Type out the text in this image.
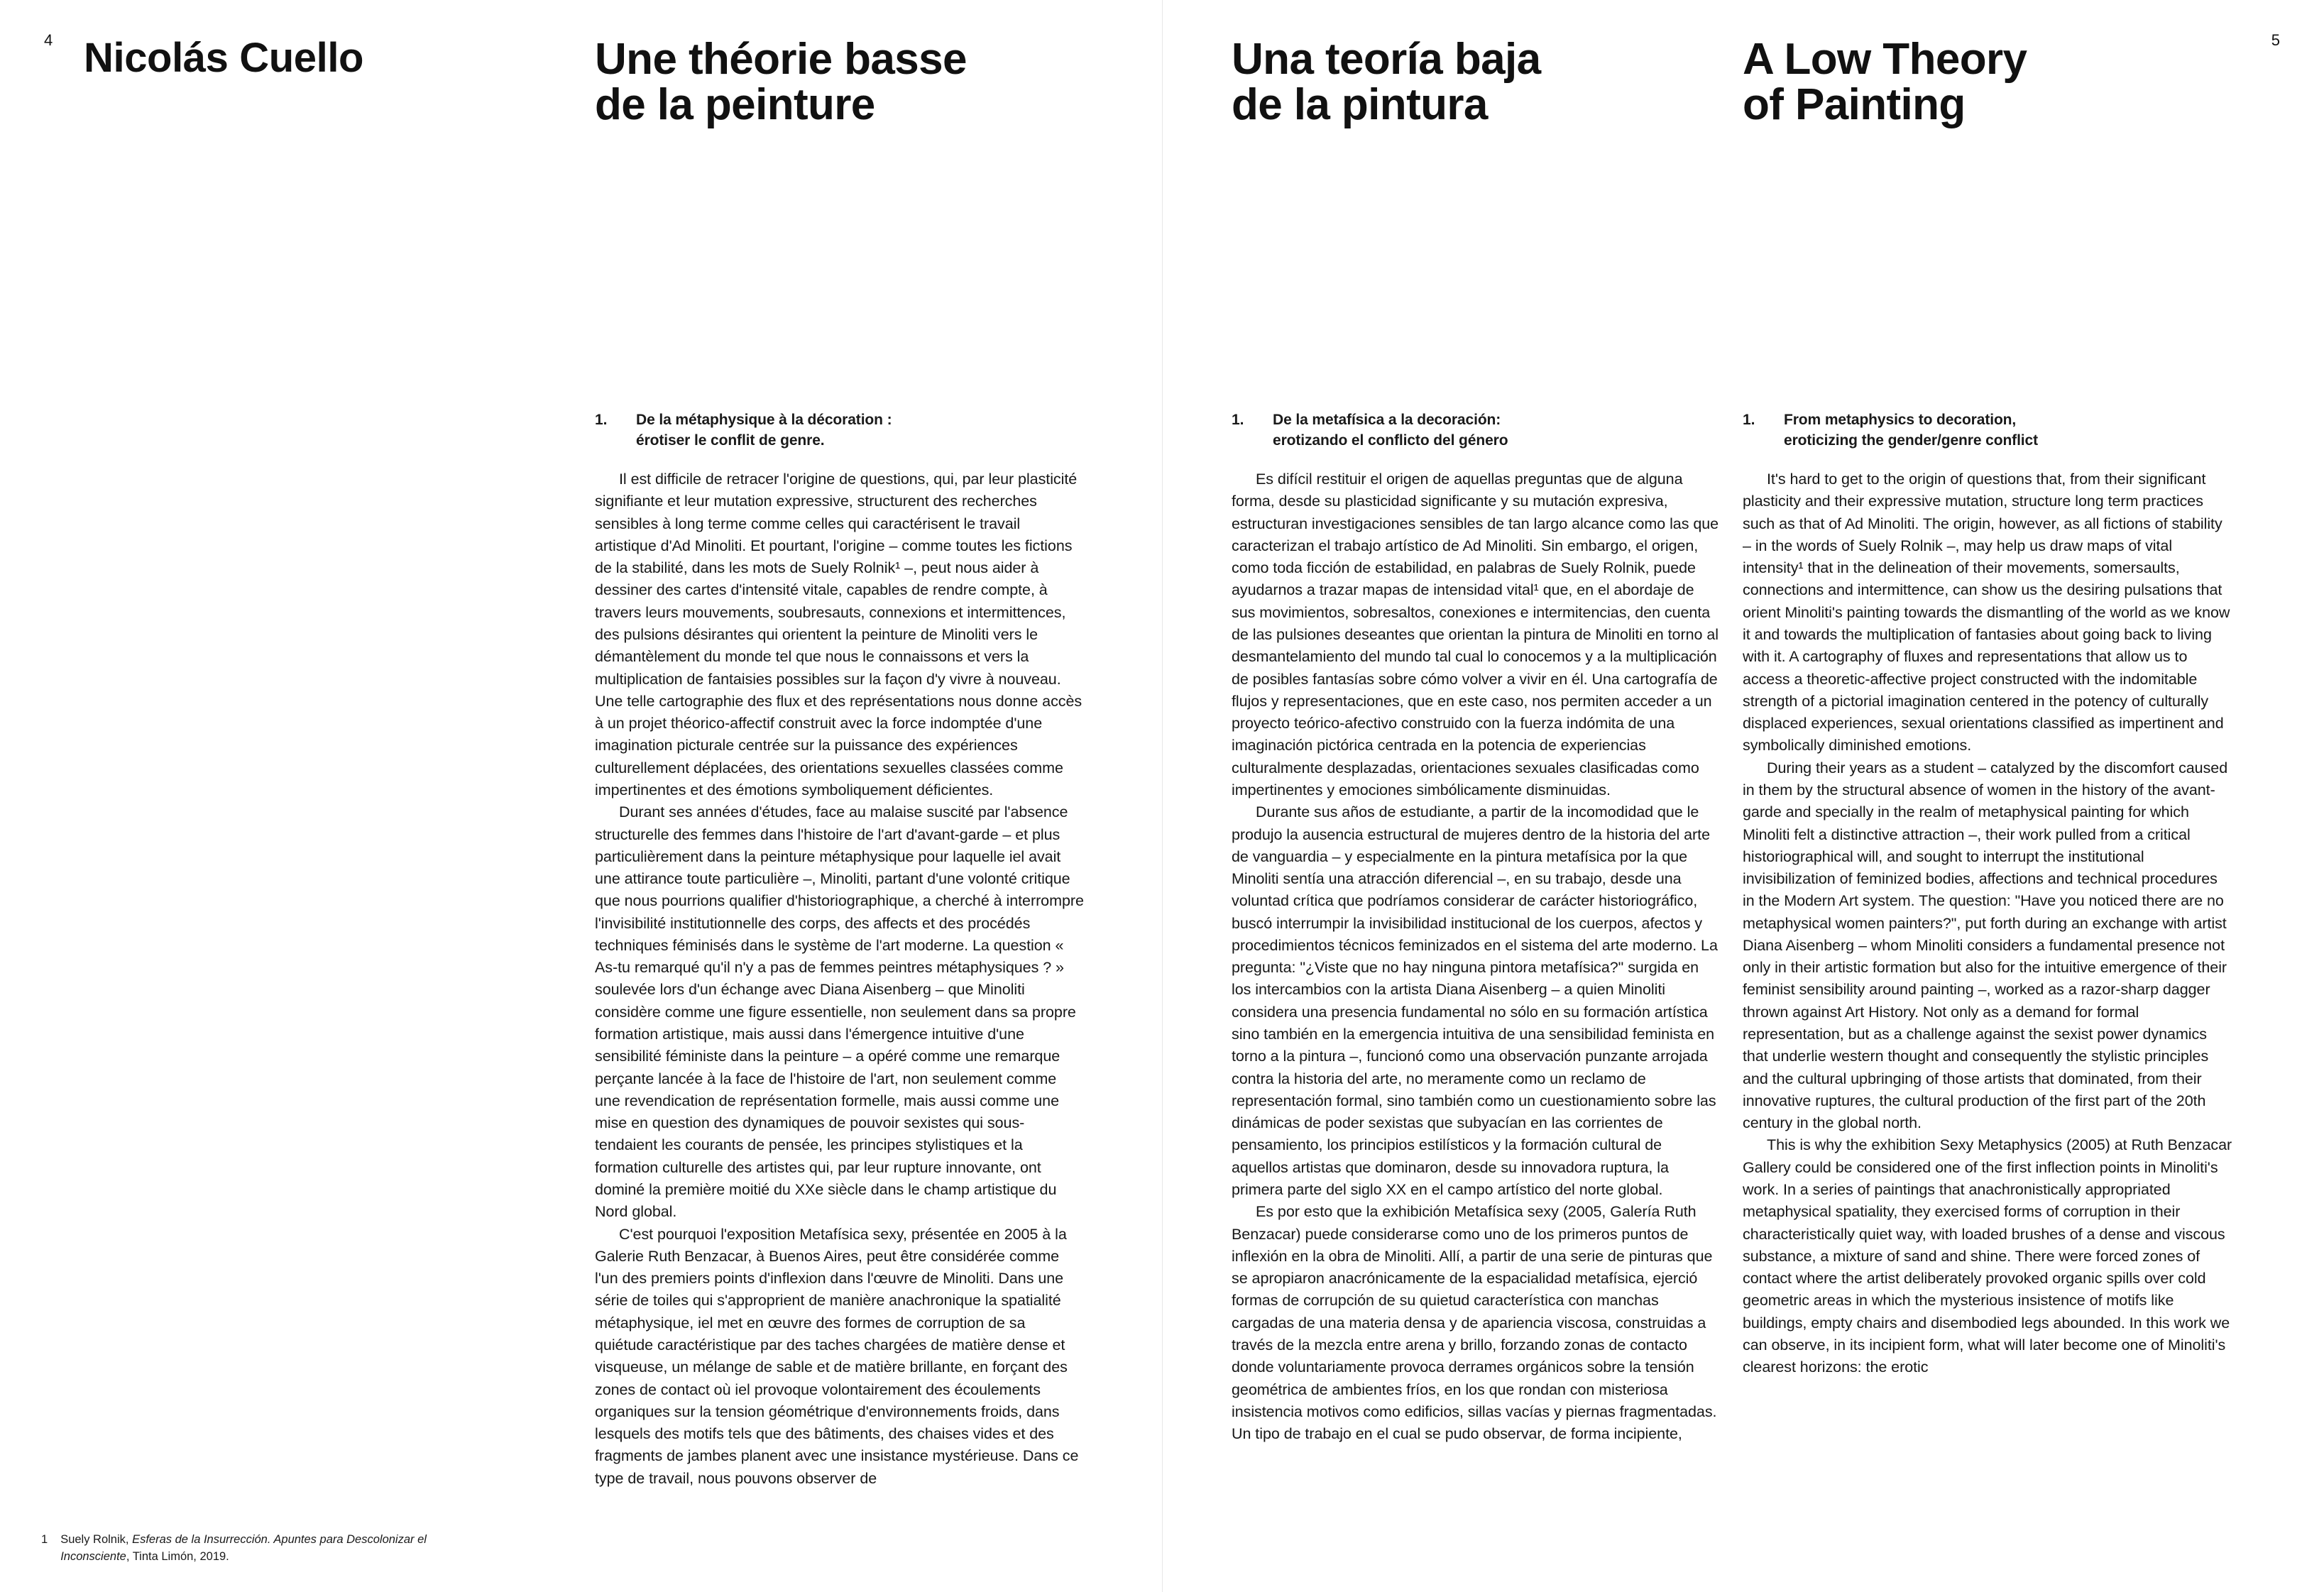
4 Nicolás Cuello	Une théorie basse
de la peinture
1.	De la métaphysique à la décoration :
érotiser le conflit de genre.

Il est difficile de retracer l'origine de questions, qui, par leur plasticité signifiante et leur mutation expressive, structurent des recherches sensibles à long terme comme celles qui caractérisent le travail artistique d'Ad Minoliti. Et pourtant, l'origine – comme toutes les fictions de la stabilité, dans les mots de Suely Rolnik¹ –, peut nous aider à dessiner des cartes d'intensité vitale, capables de rendre compte, à travers leurs mouvements, soubresauts, connexions et intermittences, des pulsions désirantes qui orientent la peinture de Minoliti vers le démantèlement du monde tel que nous le connaissons et vers la multiplication de fantaisies possibles sur la façon d'y vivre à nouveau. Une telle cartographie des flux et des représentations nous donne accès à un projet théorico-affectif construit avec la force indomptée d'une imagination picturale centrée sur la puissance des expériences culturellement déplacées, des orientations sexuelles classées comme impertinentes et des émotions symboliquement déficientes.

Durant ses années d'études, face au malaise suscité par l'absence structurelle des femmes dans l'histoire de l'art d'avant-garde – et plus particulièrement dans la peinture métaphysique pour laquelle iel avait une attirance toute particulière –, Minoliti, partant d'une volonté critique que nous pourrions qualifier d'historiographique, a cherché à interrompre l'invisibilité institutionnelle des corps, des affects et des procédés techniques féminisés dans le système de l'art moderne. La question « As-tu remarqué qu'il n'y a pas de femmes peintres métaphysiques ? » soulevée lors d'un échange avec Diana Aisenberg – que Minoliti considère comme une figure essentielle, non seulement dans sa propre formation artistique, mais aussi dans l'émergence intuitive d'une sensibilité féministe dans la peinture – a opéré comme une remarque perçante lancée à la face de l'histoire de l'art, non seulement comme une revendication de représentation formelle, mais aussi comme une mise en question des dynamiques de pouvoir sexistes qui sous-tendaient les courants de pensée, les principes stylistiques et la formation culturelle des artistes qui, par leur rupture innovante, ont dominé la première moitié du XXe siècle dans le champ artistique du Nord global.

C'est pourquoi l'exposition Metafísica sexy, présentée en 2005 à la Galerie Ruth Benzacar, à Buenos Aires, peut être considérée comme l'un des premiers points d'inflexion dans l'œuvre de Minoliti. Dans une série de toiles qui s'approprient de manière anachronique la spatialité métaphysique, iel met en œuvre des formes de corruption de sa quiétude caractéristique par des taches chargées de matière dense et visqueuse, un mélange de sable et de matière brillante, en forçant des zones de contact où iel provoque volontairement des écoulements organiques sur la tension géométrique d'environnements froids, dans lesquels des motifs tels que des bâtiments, des chaises vides et des fragments de jambes planent avec une insistance mystérieuse. Dans ce type de travail, nous pouvons observer de

1 Suely Rolnik, Esferas de la Insurrección. Apuntes para Descolonizar el Inconsciente, Tinta Limón, 2019.
5
Una teoría baja
de la pintura
1.	De la metafísica a la decoración:
erotizando el conflicto del género

Es difícil restituir el origen de aquellas preguntas que de alguna forma, desde su plasticidad significante y su mutación expresiva, estructuran investigaciones sensibles de tan largo alcance como las que caracterizan el trabajo artístico de Ad Minoliti. Sin embargo, el origen, como toda ficción de estabilidad, en palabras de Suely Rolnik, puede ayudarnos a trazar mapas de intensidad vital¹ que, en el abordaje de sus movimientos, sobresaltos, conexiones e intermitencias, den cuenta de las pulsiones deseantes que orientan la pintura de Minoliti en torno al desmantelamiento del mundo tal cual lo conocemos y a la multiplicación de posibles fantasías sobre cómo volver a vivir en él. Una cartografía de flujos y representaciones, que en este caso, nos permiten acceder a un proyecto teórico-afectivo construido con la fuerza indómita de una imaginación pictórica centrada en la potencia de experiencias culturalmente desplazadas, orientaciones sexuales clasificadas como impertinentes y emociones simbólicamente disminuidas.

Durante sus años de estudiante, a partir de la incomodidad que le produjo la ausencia estructural de mujeres dentro de la historia del arte de vanguardia – y especialmente en la pintura metafísica por la que Minoliti sentía una atracción diferencial –, en su trabajo, desde una voluntad crítica que podríamos considerar de carácter historiográfico, buscó interrumpir la invisibilidad institucional de los cuerpos, afectos y procedimientos técnicos feminizados en el sistema del arte moderno. La pregunta: "¿Viste que no hay ninguna pintora metafísica?" surgida en los intercambios con la artista Diana Aisenberg – a quien Minoliti considera una presencia fundamental no sólo en su formación artística sino también en la emergencia intuitiva de una sensibilidad feminista en torno a la pintura –, funcionó como una observación punzante arrojada contra la historia del arte, no meramente como un reclamo de representación formal, sino también como un cuestionamiento sobre las dinámicas de poder sexistas que subyacían en las corrientes de pensamiento, los principios estilísticos y la formación cultural de aquellos artistas que dominaron, desde su innovadora ruptura, la primera parte del siglo XX en el campo artístico del norte global.

Es por esto que la exhibición Metafísica sexy (2005, Galería Ruth Benzacar) puede considerarse como uno de los primeros puntos de inflexión en la obra de Minoliti. Allí, a partir de una serie de pinturas que se apropiaron anacrónicamente de la espacialidad metafísica, ejerció formas de corrupción de su quietud característica con manchas cargadas de una materia densa y de apariencia viscosa, construidas a través de la mezcla entre arena y brillo, forzando zonas de contacto donde voluntariamente provoca derrames orgánicos sobre la tensión geométrica de ambientes fríos, en los que rondan con misteriosa insistencia motivos como edificios, sillas vacías y piernas fragmentadas. Un tipo de trabajo en el cual se pudo observar, de forma incipiente,

A Low Theory
of Painting
1.	From metaphysics to decoration,
eroticizing the gender/genre conflict

It's hard to get to the origin of questions that, from their significant plasticity and their expressive mutation, structure long term practices such as that of Ad Minoliti. The origin, however, as all fictions of stability – in the words of Suely Rolnik –, may help us draw maps of vital intensity¹ that in the delineation of their movements, somersaults, connections and intermittence, can show us the desiring pulsations that orient Minoliti's painting towards the dismantling of the world as we know it and towards the multiplication of fantasies about going back to living with it. A cartography of fluxes and representations that allow us to access a theoretic-affective project constructed with the indomitable strength of a pictorial imagination centered in the potency of culturally displaced experiences, sexual orientations classified as impertinent and symbolically diminished emotions.

During their years as a student – catalyzed by the discomfort caused in them by the structural absence of women in the history of the avant-garde and specially in the realm of metaphysical painting for which Minoliti felt a distinctive attraction –, their work pulled from a critical historiographical will, and sought to interrupt the institutional invisibilization of feminized bodies, affections and technical procedures in the Modern Art system. The question: "Have you noticed there are no metaphysical women painters?", put forth during an exchange with artist Diana Aisenberg – whom Minoliti considers a fundamental presence not only in their artistic formation but also for the intuitive emergence of their feminist sensibility around painting –, worked as a razor-sharp dagger thrown against Art History. Not only as a demand for formal representation, but as a challenge against the sexist power dynamics that underlie western thought and consequently the stylistic principles and the cultural upbringing of those artists that dominated, from their innovative ruptures, the cultural production of the first part of the 20th century in the global north.

This is why the exhibition Sexy Metaphysics (2005) at Ruth Benzacar Gallery could be considered one of the first inflection points in Minoliti's work. In a series of paintings that anachronistically appropriated metaphysical spatiality, they exercised forms of corruption in their characteristically quiet way, with loaded brushes of a dense and viscous substance, a mixture of sand and shine. There were forced zones of contact where the artist deliberately provoked organic spills over cold geometric areas in which the mysterious insistence of motifs like buildings, empty chairs and disembodied legs abounded. In this work we can observe, in its incipient form, what will later become one of Minoliti's clearest horizons: the erotic
